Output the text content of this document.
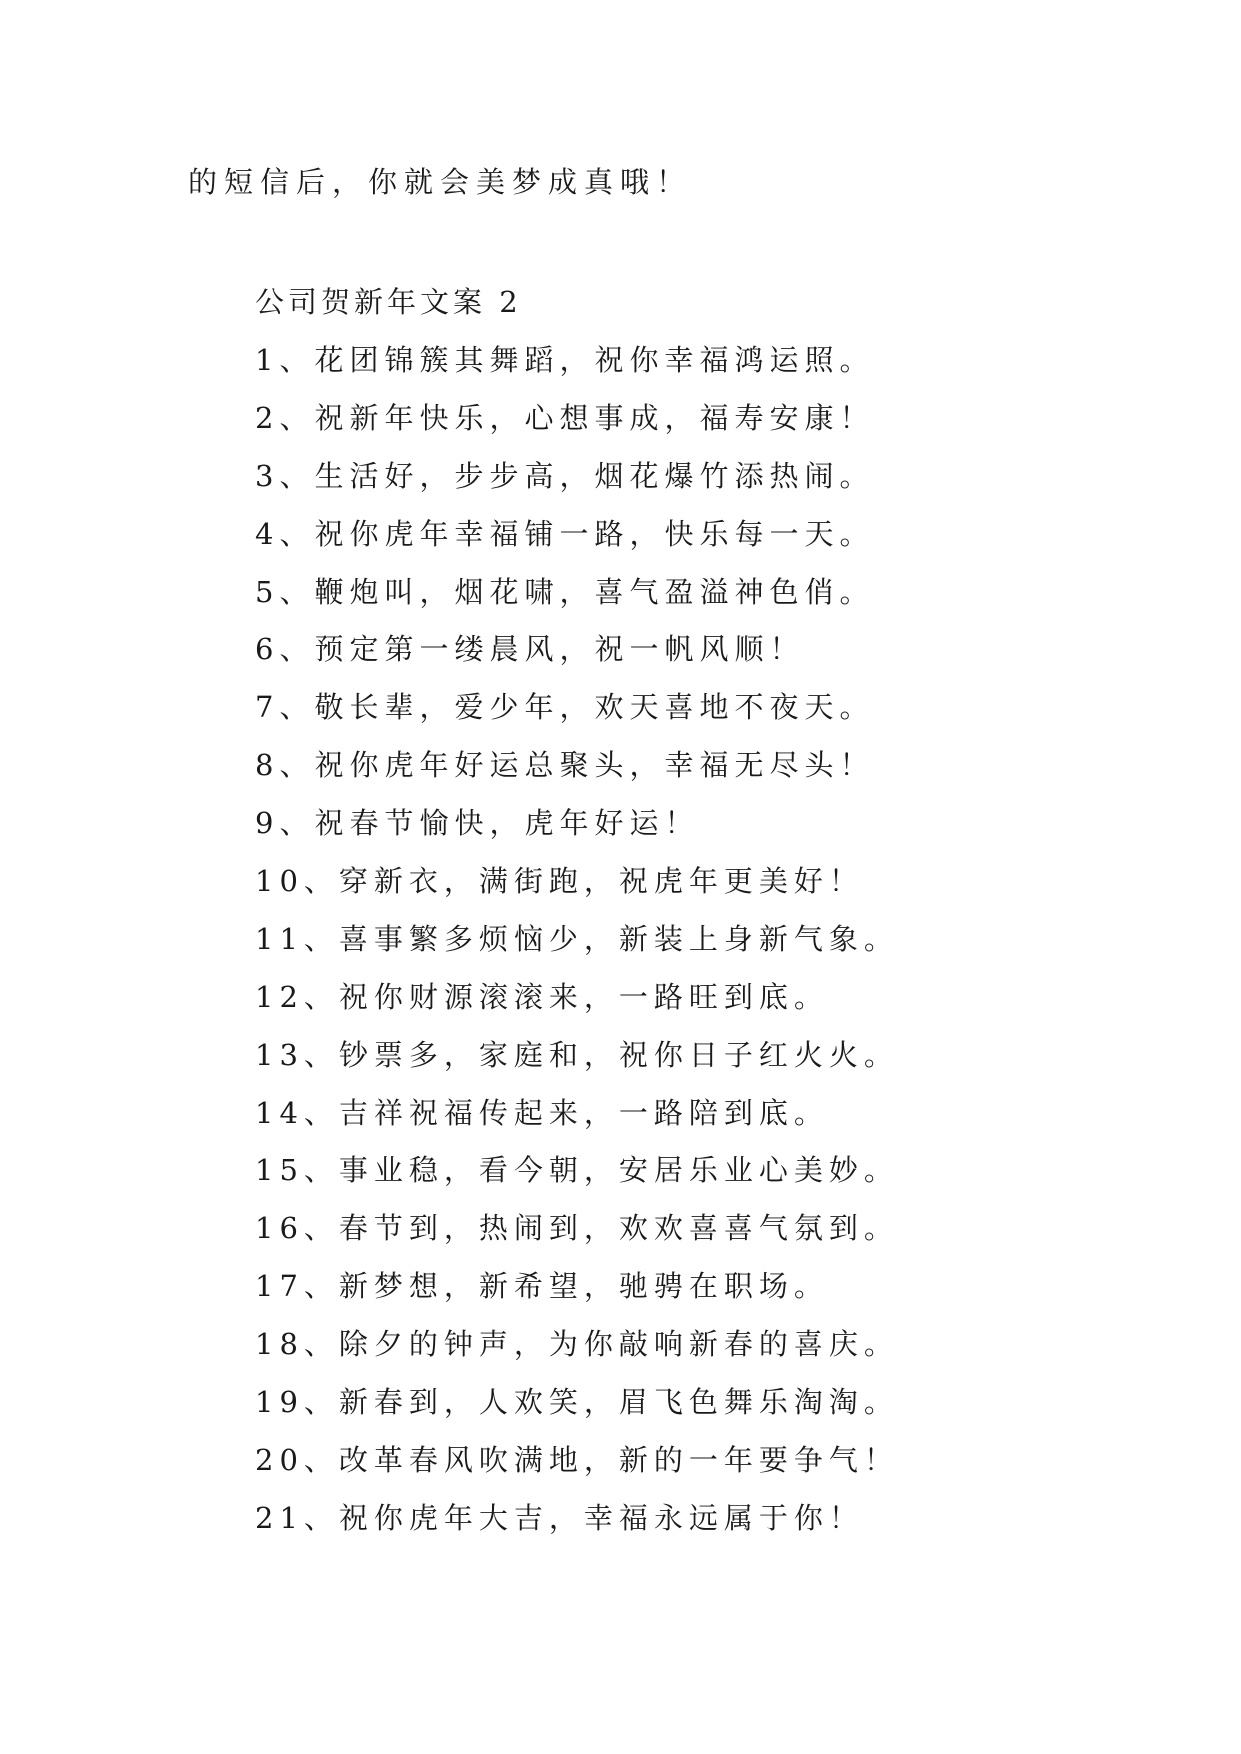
的短信后，你就会美梦成真哦！
公司贺新年文案 2
1、花团锦簇其舞蹈，祝你幸福鸿运照。
2、祝新年快乐，心想事成，福寿安康！
3、生活好，步步高，烟花爆竹添热闹。
4、祝你虎年幸福铺一路，快乐每一天。
5、鞭炮叫，烟花啸，喜气盈溢神色俏。
6、预定第一缕晨风，祝一帆风顺！
7、敬长辈，爱少年，欢天喜地不夜天。
8、祝你虎年好运总聚头，幸福无尽头！
9、祝春节愉快，虎年好运！
10、穿新衣，满街跑，祝虎年更美好！
11、喜事繁多烦恼少，新装上身新气象。
12、祝你财源滚滚来，一路旺到底。
13、钞票多，家庭和，祝你日子红火火。
14、吉祥祝福传起来，一路陪到底。
15、事业稳，看今朝，安居乐业心美妙。
16、春节到，热闹到，欢欢喜喜气氛到。
17、新梦想，新希望，驰骋在职场。
18、除夕的钟声，为你敲响新春的喜庆。
19、新春到，人欢笑，眉飞色舞乐淘淘。
20、改革春风吹满地，新的一年要争气！
21、祝你虎年大吉，幸福永远属于你！
